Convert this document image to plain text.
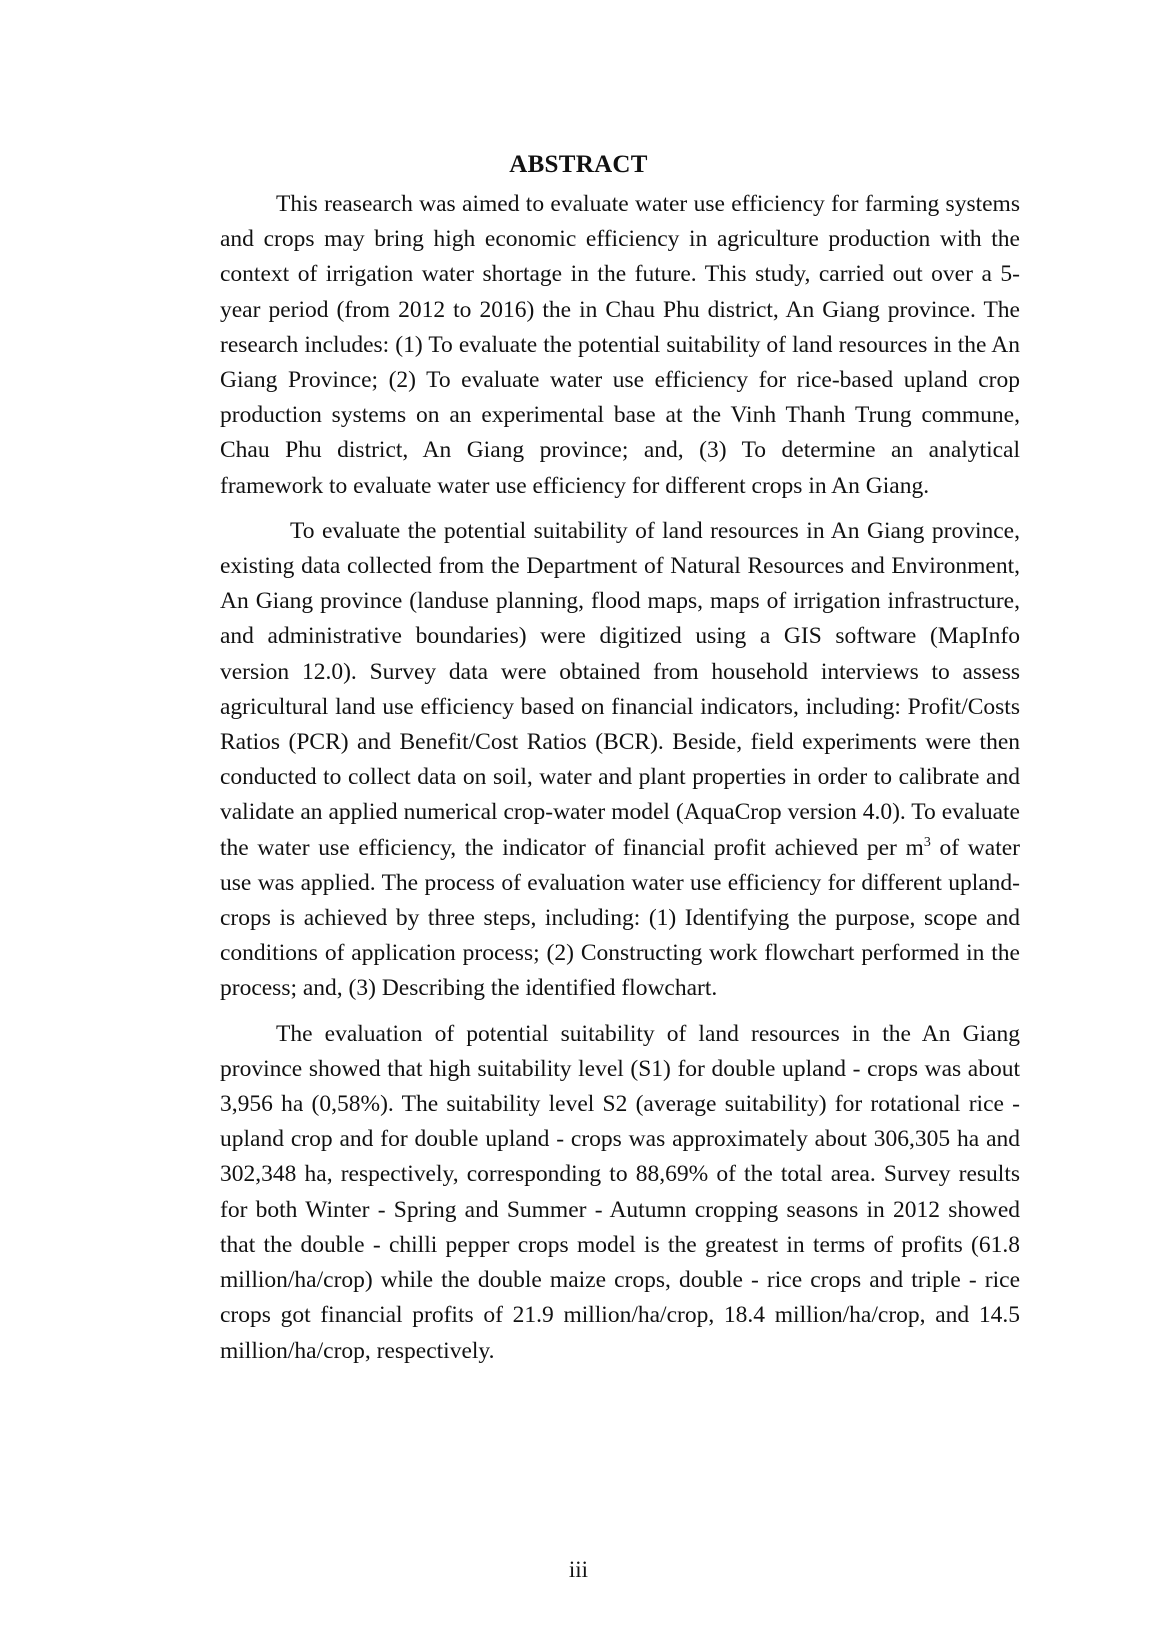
ABSTRACT

This reasearch was aimed to evaluate water use efficiency for farming systems and crops may bring high economic efficiency in agriculture production with the context of irrigation water shortage in the future. This study, carried out over a 5-year period (from 2012 to 2016) the in Chau Phu district, An Giang province. The research includes: (1) To evaluate the potential suitability of land resources in the An Giang Province; (2) To evaluate water use efficiency for rice-based upland crop production systems on an experimental base at the Vinh Thanh Trung commune, Chau Phu district, An Giang province; and, (3) To determine an analytical framework to evaluate water use efficiency for different crops in An Giang.

To evaluate the potential suitability of land resources in An Giang province, existing data collected from the Department of Natural Resources and Environment, An Giang province (landuse planning, flood maps, maps of irrigation infrastructure, and administrative boundaries) were digitized using a GIS software (MapInfo version 12.0). Survey data were obtained from household interviews to assess agricultural land use efficiency based on financial indicators, including: Profit/Costs Ratios (PCR) and Benefit/Cost Ratios (BCR). Beside, field experiments were then conducted to collect data on soil, water and plant properties in order to calibrate and validate an applied numerical crop-water model (AquaCrop version 4.0). To evaluate the water use efficiency, the indicator of financial profit achieved per $m^3$ of water use was applied. The process of evaluation water use efficiency for different upland-crops is achieved by three steps, including: (1) Identifying the purpose, scope and conditions of application process; (2) Constructing work flowchart performed in the process; and, (3) Describing the identified flowchart.

The evaluation of potential suitability of land resources in the An Giang province showed that high suitability level (S1) for double upland - crops was about 3,956 ha (0,58%). The suitability level S2 (average suitability) for rotational rice - upland crop and for double upland - crops was approximately about 306,305 ha and 302,348 ha, respectively, corresponding to 88,69% of the total area. Survey results for both Winter - Spring and Summer - Autumn cropping seasons in 2012 showed that the double - chilli pepper crops model is the greatest in terms of profits (61.8 million/ha/crop) while the double maize crops, double - rice crops and triple - rice crops got financial profits of 21.9 million/ha/crop, 18.4 million/ha/crop, and 14.5 million/ha/crop, respectively.

iii
